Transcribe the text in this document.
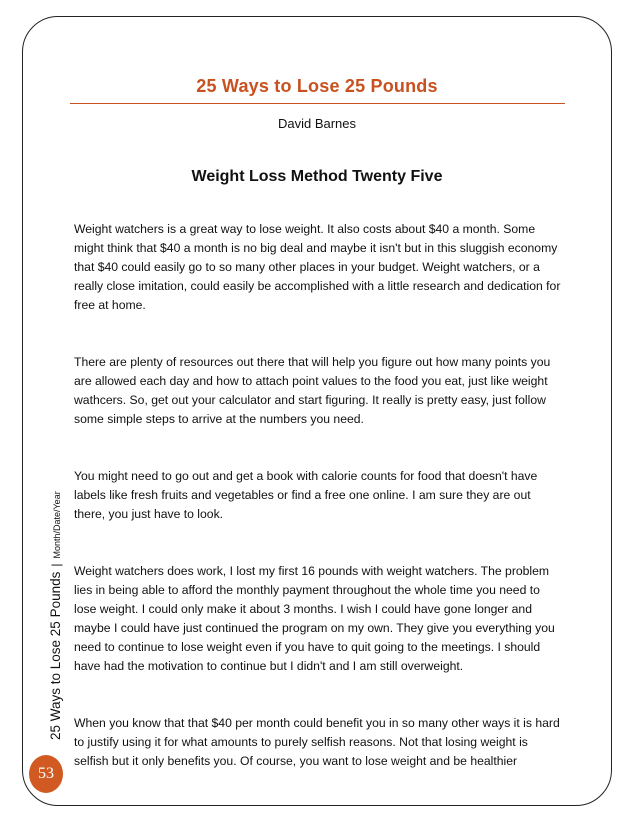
25 Ways to Lose 25 Pounds
David Barnes
Weight Loss Method Twenty Five

Weight watchers is a great way to lose weight. It also costs about $40 a month. Some might think that $40 a month is no big deal and maybe it isn't but in this sluggish economy that $40 could easily go to so many other places in your budget. Weight watchers, or a really close imitation, could easily be accomplished with a little research and dedication for free at home.

There are plenty of resources out there that will help you figure out how many points you are allowed each day and how to attach point values to the food you eat, just like weight wathcers. So, get out your calculator and start figuring. It really is pretty easy, just follow some simple steps to arrive at the numbers you need.

You might need to go out and get a book with calorie counts for food that doesn't have labels like fresh fruits and vegetables or find a free one online. I am sure they are out there, you just have to look.

Weight watchers does work, I lost my first 16 pounds with weight watchers. The problem lies in being able to afford the monthly payment throughout the whole time you need to lose weight. I could only make it about 3 months. I wish I could have gone longer and maybe I could have just continued the program on my own. They give you everything you need to continue to lose weight even if you have to quit going to the meetings. I should have had the motivation to continue but I didn't and I am still overweight.

When you know that that $40 per month could benefit you in so many other ways it is hard to justify using it for what amounts to purely selfish reasons. Not that losing weight is selfish but it only benefits you. Of course, you want to lose weight and be healthier

25 Ways to Lose 25 Pounds|Month/Date/Year
53
